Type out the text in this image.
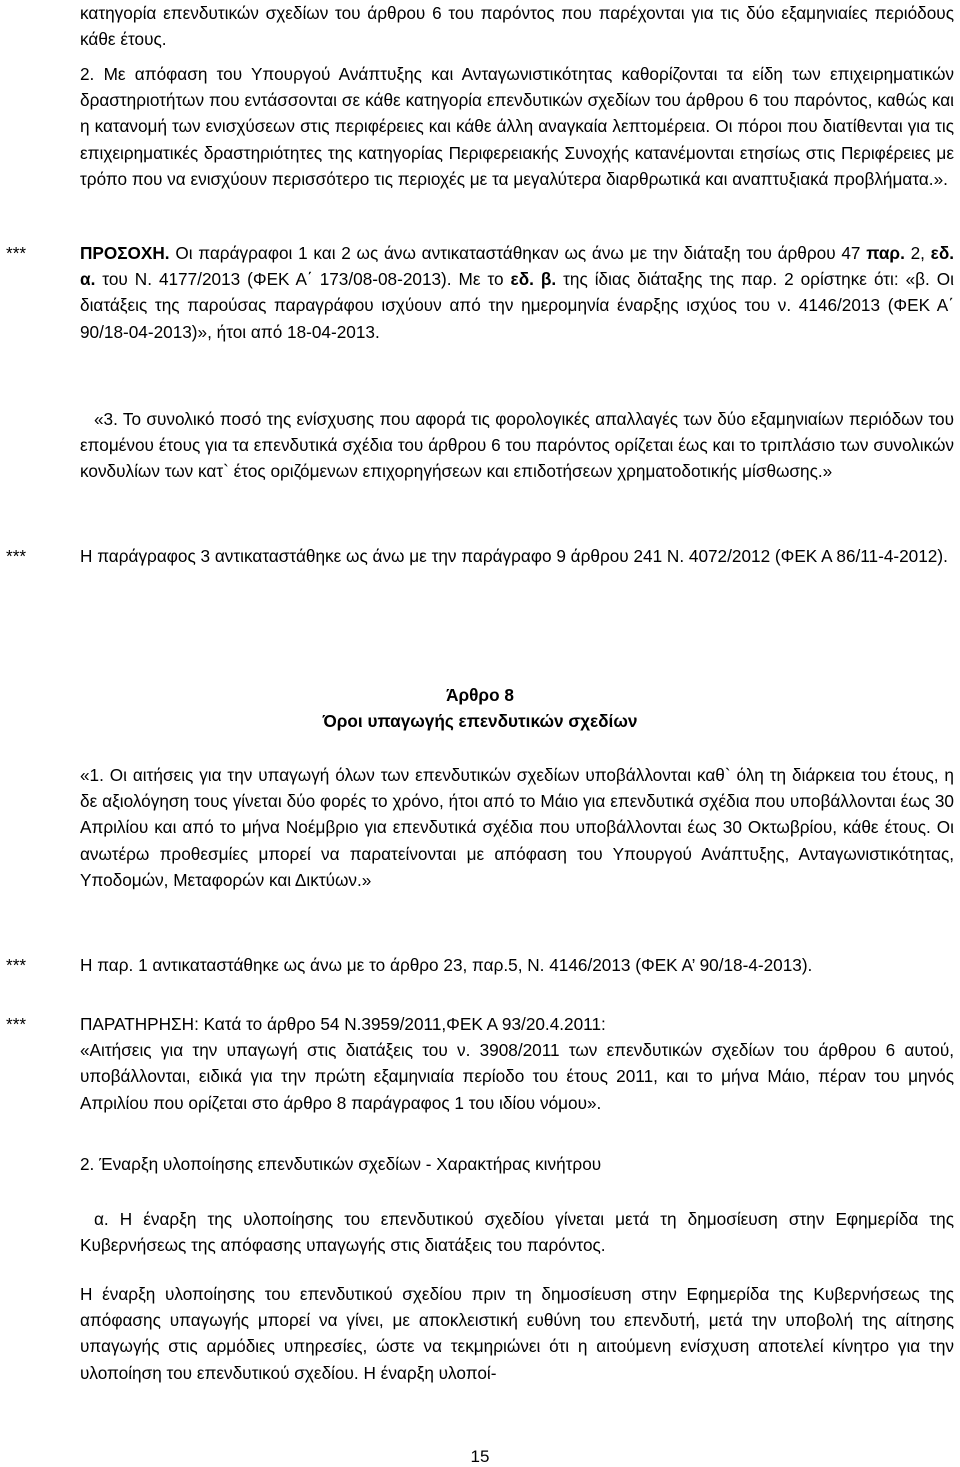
κατηγορία επενδυτικών σχεδίων του άρθρου 6 του παρόντος που παρέχονται για τις δύο εξαμηνιαίες περιόδους κάθε έτους.

2. Με απόφαση του Υπουργού Ανάπτυξης και Ανταγωνιστικότητας καθορίζονται τα είδη των επιχειρηματικών δραστηριοτήτων που εντάσσονται σε κάθε κατηγορία επενδυτικών σχεδίων του άρθρου 6 του παρόντος, καθώς και η κατανομή των ενισχύσεων στις περιφέρειες και κάθε άλλη αναγκαία λεπτομέρεια. Οι πόροι που διατίθενται για τις επιχειρηματικές δραστηριότητες της κατηγορίας Περιφερειακής Συνοχής κατανέμονται ετησίως στις Περιφέρειες με τρόπο που να ενισχύουν περισσότερο τις περιοχές με τα μεγαλύτερα διαρθρωτικά και αναπτυξιακά προβλήματα.».

***	ΠΡΟΣΟΧΗ. Οι παράγραφοι 1 και 2 ως άνω αντικαταστάθηκαν ως άνω με την διάταξη του άρθρου 47 παρ. 2, εδ. α. του Ν. 4177/2013 (ΦΕΚ Α΄ 173/08-08-2013). Με το εδ. β. της ίδιας διάταξης της παρ. 2 ορίστηκε ότι: «β. Οι διατάξεις της παρούσας παραγράφου ισχύουν από την ημερομηνία έναρξης ισχύος του ν. 4146/2013 (ΦΕΚ Α΄ 90/18-04-2013)», ήτοι από 18-04-2013.

«3. Το συνολικό ποσό της ενίσχυσης που αφορά τις φορολογικές απαλλαγές των δύο εξαμηνιαίων περιόδων του επομένου έτους για τα επενδυτικά σχέδια του άρθρου 6 του παρόντος ορίζεται έως και το τριπλάσιο των συνολικών κονδυλίων των κατ` έτος οριζόμενων επιχορηγήσεων και επιδοτήσεων χρηματοδοτικής μίσθωσης.»

***	Η παράγραφος 3 αντικαταστάθηκε ως άνω με την παράγραφο 9 άρθρου 241 Ν. 4072/2012 (ΦΕΚ Α 86/11-4-2012).

Άρθρο 8
Όροι υπαγωγής επενδυτικών σχεδίων

«1. Οι αιτήσεις για την υπαγωγή όλων των επενδυτικών σχεδίων υποβάλλονται καθ` όλη τη διάρκεια του έτους, η δε αξιολόγηση τους γίνεται δύο φορές το χρόνο, ήτοι από το Μάιο για επενδυτικά σχέδια που υποβάλλονται έως 30 Απριλίου και από το μήνα Νοέμβριο για επενδυτικά σχέδια που υποβάλλονται έως 30 Οκτωβρίου, κάθε έτους. Οι ανωτέρω προθεσμίες μπορεί να παρατείνονται με απόφαση του Υπουργού Ανάπτυξης, Ανταγωνιστικότητας, Υποδομών, Μεταφορών και Δικτύων.»

***	Η παρ. 1 αντικαταστάθηκε ως άνω με το άρθρο 23, παρ.5, Ν. 4146/2013 (ΦΕΚ Α’ 90/18-4-2013).

***	ΠΑΡΑΤΗΡΗΣΗ: Κατά το άρθρο 54 Ν.3959/2011,ΦΕΚ Α 93/20.4.2011:

«Αιτήσεις για την υπαγωγή στις διατάξεις του ν. 3908/2011 των επενδυτικών σχεδίων του άρθρου 6 αυτού, υποβάλλονται, ειδικά για την πρώτη εξαμηνιαία περίοδο του έτους 2011, και το μήνα Μάιο, πέραν του μηνός Απριλίου που ορίζεται στο άρθρο 8 παράγραφος 1 του ιδίου νόμου».

2. Έναρξη υλοποίησης επενδυτικών σχεδίων - Χαρακτήρας κινήτρου

α. Η έναρξη της υλοποίησης του επενδυτικού σχεδίου γίνεται μετά τη δημοσίευση στην Εφημερίδα της Κυβερνήσεως της απόφασης υπαγωγής στις διατάξεις του παρόντος.

Η έναρξη υλοποίησης του επενδυτικού σχεδίου πριν τη δημοσίευση στην Εφημερίδα της Κυβερνήσεως της απόφασης υπαγωγής μπορεί να γίνει, με αποκλειστική ευθύνη του επενδυτή, μετά την υποβολή της αίτησης υπαγωγής στις αρμόδιες υπηρεσίες, ώστε να τεκμηριώνει ότι η αιτούμενη ενίσχυση αποτελεί κίνητρο για την υλοποίηση του επενδυτικού σχεδίου. Η έναρξη υλοποί-

15
